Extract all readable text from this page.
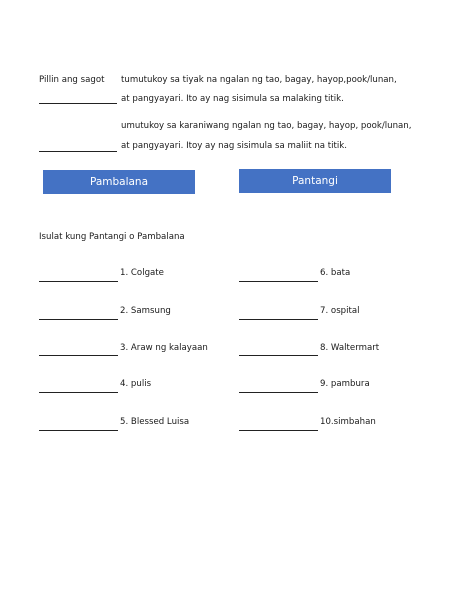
Pillin ang sagot tumutukoy sa tiyak na ngalan ng tao, bagay, hayop,pook/lunan,
at pangyayari. Ito ay nag sisimula sa malaking titik.
umutukoy sa karaniwang ngalan ng tao, bagay, hayop, pook/lunan,
at pangyayari. Itoy ay nag sisimula sa maliit na titik.
Pambalana	Pantangi
Isulat kung Pantangi o Pambalana
1. Colgate
2. Samsung
3. Araw ng kalayaan
4. pulis
5. Blessed Luisa
6. bata
7. ospital
8. Waltermart
9. pambura
10.simbahan
